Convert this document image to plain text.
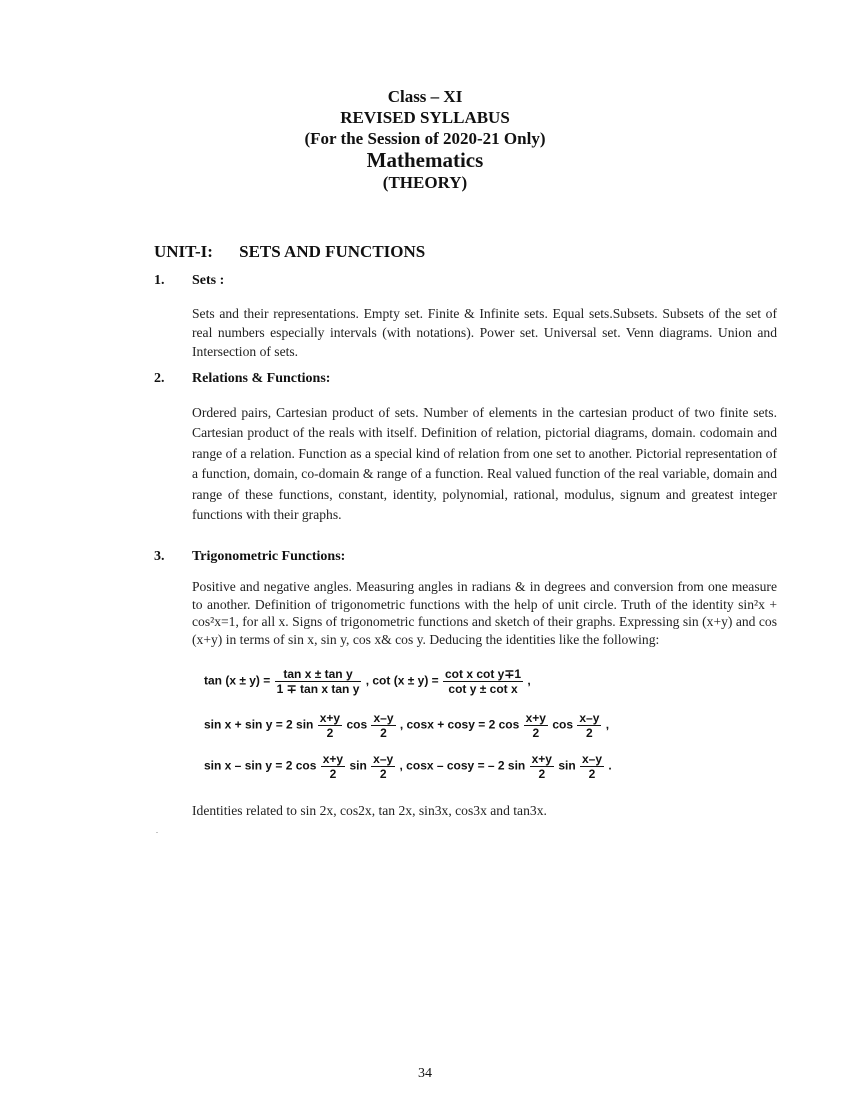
Class – XI
REVISED SYLLABUS
(For the Session of 2020-21 Only)
Mathematics
(THEORY)
UNIT-I: SETS AND FUNCTIONS
1. Sets :
Sets and their representations. Empty set. Finite & Infinite sets. Equal sets.Subsets. Subsets of the set of real numbers especially intervals (with notations). Power set. Universal set. Venn diagrams. Union and Intersection of sets.
2. Relations & Functions:
Ordered pairs, Cartesian product of sets. Number of elements in the cartesian product of two finite sets. Cartesian product of the reals with itself. Definition of relation, pictorial diagrams, domain. codomain and range of a relation. Function as a special kind of relation from one set to another. Pictorial representation of a function, domain, co-domain & range of a function. Real valued function of the real variable, domain and range of these functions, constant, identity, polynomial, rational, modulus, signum and greatest integer functions with their graphs.
3. Trigonometric Functions:
Positive and negative angles. Measuring angles in radians & in degrees and conversion from one measure to another. Definition of trigonometric functions with the help of unit circle. Truth of the identity sin²x + cos²x=1, for all x. Signs of trigonometric functions and sketch of their graphs. Expressing sin (x+y) and cos (x+y) in terms of sin x, sin y, cos x& cos y. Deducing the identities like the following:
$\tan (x \pm y) = \frac{\text{tan x ± tan y}}{\text{1 ∓ tan x tan y}}$ , $\cot (x \pm y) = \frac{\text{cot x cot y∓1}}{\text{cot y ± cot x}}$ ,
sin x + sin y = 2 $\sin \frac{x+y}{2}$ $\cos \frac{x-y}{2}$ , cosx + cosy = 2 $\cos \frac{x+y}{2}$ $\cos \frac{x-y}{2}$ ,
sin x – sin y = 2 $\cos \frac{x+y}{2}$ $\sin \frac{x-y}{2}$ , cosx – cosy = – 2 $\sin \frac{x+y}{2}$ $\sin \frac{x-y}{2}$ .
Identities related to sin 2x, cos2x, tan 2x, sin3x, cos3x and tan3x.
.
34
